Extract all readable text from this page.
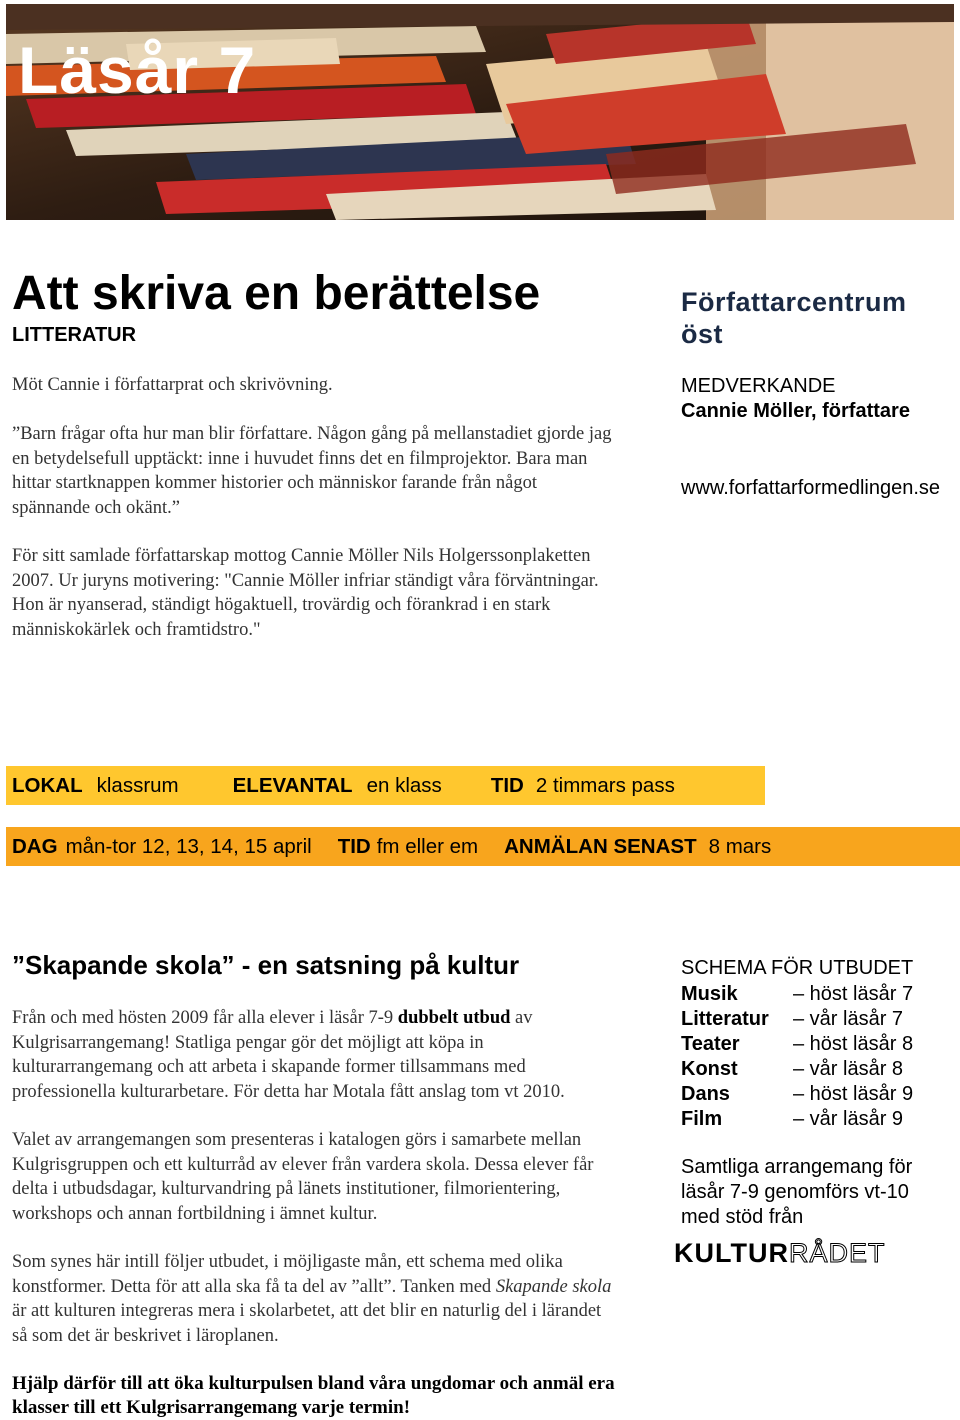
Läsår 7
Att skriva en berättelse
LITTERATUR
Möt Cannie i författarprat och skrivövning.
”Barn frågar ofta hur man blir författare. Någon gång på mellanstadiet gjorde jag en betydelsefull upptäckt: inne i huvudet finns det en filmprojektor. Bara man hittar startknappen kommer historier och människor farande från något spännande och okänt.”
För sitt samlade författarskap mottog Cannie Möller Nils Holgerssonplaketten 2007. Ur juryns motivering: "Cannie Möller infriar ständigt våra förväntningar. Hon är nyanserad, ständigt högaktuell, trovärdig och förankrad i en stark människokärlek och framtidstro."
Författarcentrum öst
MEDVERKANDE
Cannie Möller, författare
www.forfattarformedlingen.se
LOKAL klassrum	ELEVANTAL en klass TID 2 timmars pass
DAG mån-tor 12, 13, 14, 15 april TID fm eller em ANMÄLAN SENAST 8 mars
”Skapande skola” - en satsning på kultur
Från och med hösten 2009 får alla elever i läsår 7-9 dubbelt utbud av Kulgrisarrangemang! Statliga pengar gör det möjligt att köpa in kulturarrangemang och att arbeta i skapande former tillsammans med professionella kulturarbetare. För detta har Motala fått anslag tom vt 2010.
Valet av arrangemangen som presenteras i katalogen görs i samarbete mellan Kulgrisgruppen och ett kulturråd av elever från vardera skola. Dessa elever får delta i utbudsdagar, kulturvandring på länets institutioner, filmorientering, workshops och annan fortbildning i ämnet kultur.
Som synes här intill följer utbudet, i möjligaste mån, ett schema med olika konstformer. Detta för att alla ska få ta del av ”allt”. Tanken med Skapande skola är att kulturen integreras mera i skolarbetet, att det blir en naturlig del i lärandet så som det är beskrivet i läroplanen.
Hjälp därför till att öka kulturpulsen bland våra ungdomar och anmäl era klasser till ett Kulgrisarrangemang varje termin!
SCHEMA FÖR UTBUDET
Musik	– höst läsår 7
Litteratur	– vår läsår 7
Teater	– höst läsår 8
Konst	– vår läsår 8
Dans	– höst läsår 9
Film	– vår läsår 9
Samtliga arrangemang för läsår 7-9 genomförs vt-10 med stöd från
KULTURRÅDET
